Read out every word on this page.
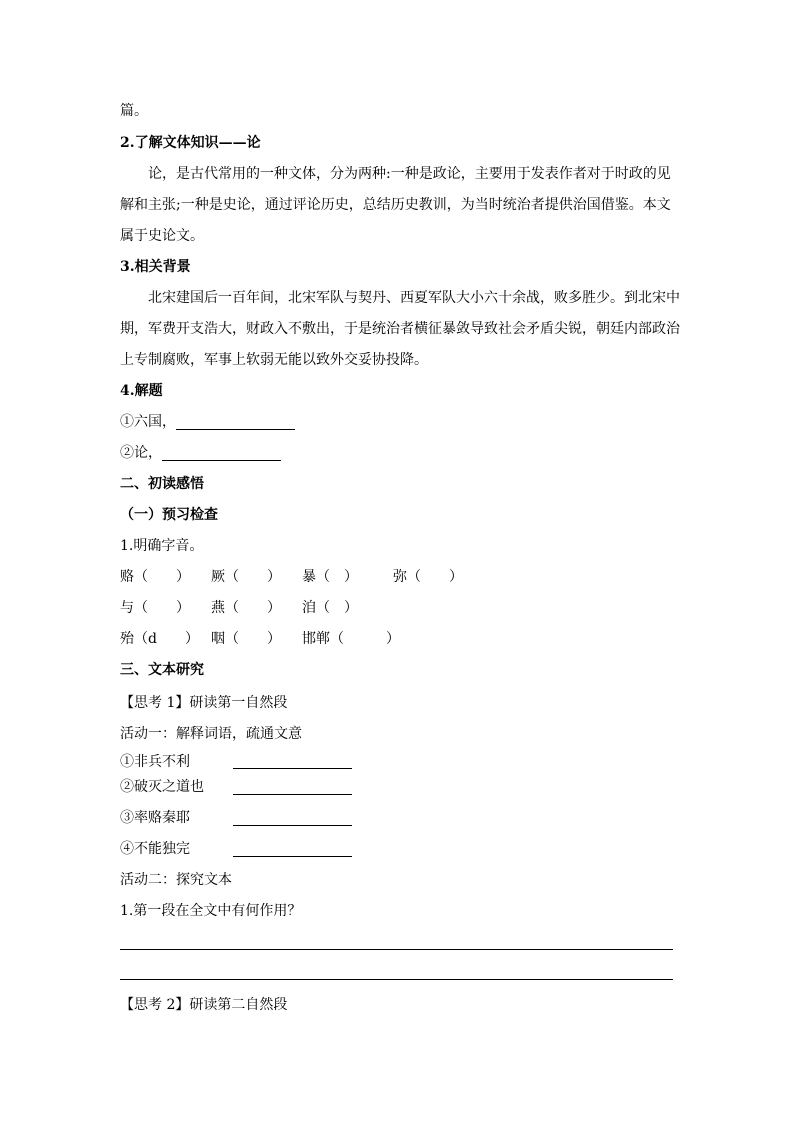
篇。
2.了解文体知识——论
论，是古代常用的一种文体，分为两种:一种是政论，主要用于发表作者对于时政的见
解和主张;一种是史论，通过评论历史，总结历史教训，为当时统治者提供治国借鉴。本文
属于史论文。
3.相关背景
北宋建国后一百年间，北宋军队与契丹、西夏军队大小六十余战，败多胜少。到北宋中
期，军费开支浩大，财政入不敷出，于是统治者横征暴敛导致社会矛盾尖锐，朝廷内部政治
上专制腐败，军事上软弱无能以致外交妥协投降。
4.解题
①六国，
②论，
二、初读感悟
（一）预习检查
1.明确字音。
赂（　　） 厥（　　） 暴（　）	弥（　　）
与（　　） 燕（　　） 洎（　）
殆（d　　） 咽（　　） 邯郸（　　　）
三、文本研究
【思考 1】研读第一自然段
活动一：解释词语，疏通文意
①非兵不利
②破灭之道也
③率赂秦耶
④不能独完
活动二：探究文本
1.第一段在全文中有何作用？
【思考 2】研读第二自然段
